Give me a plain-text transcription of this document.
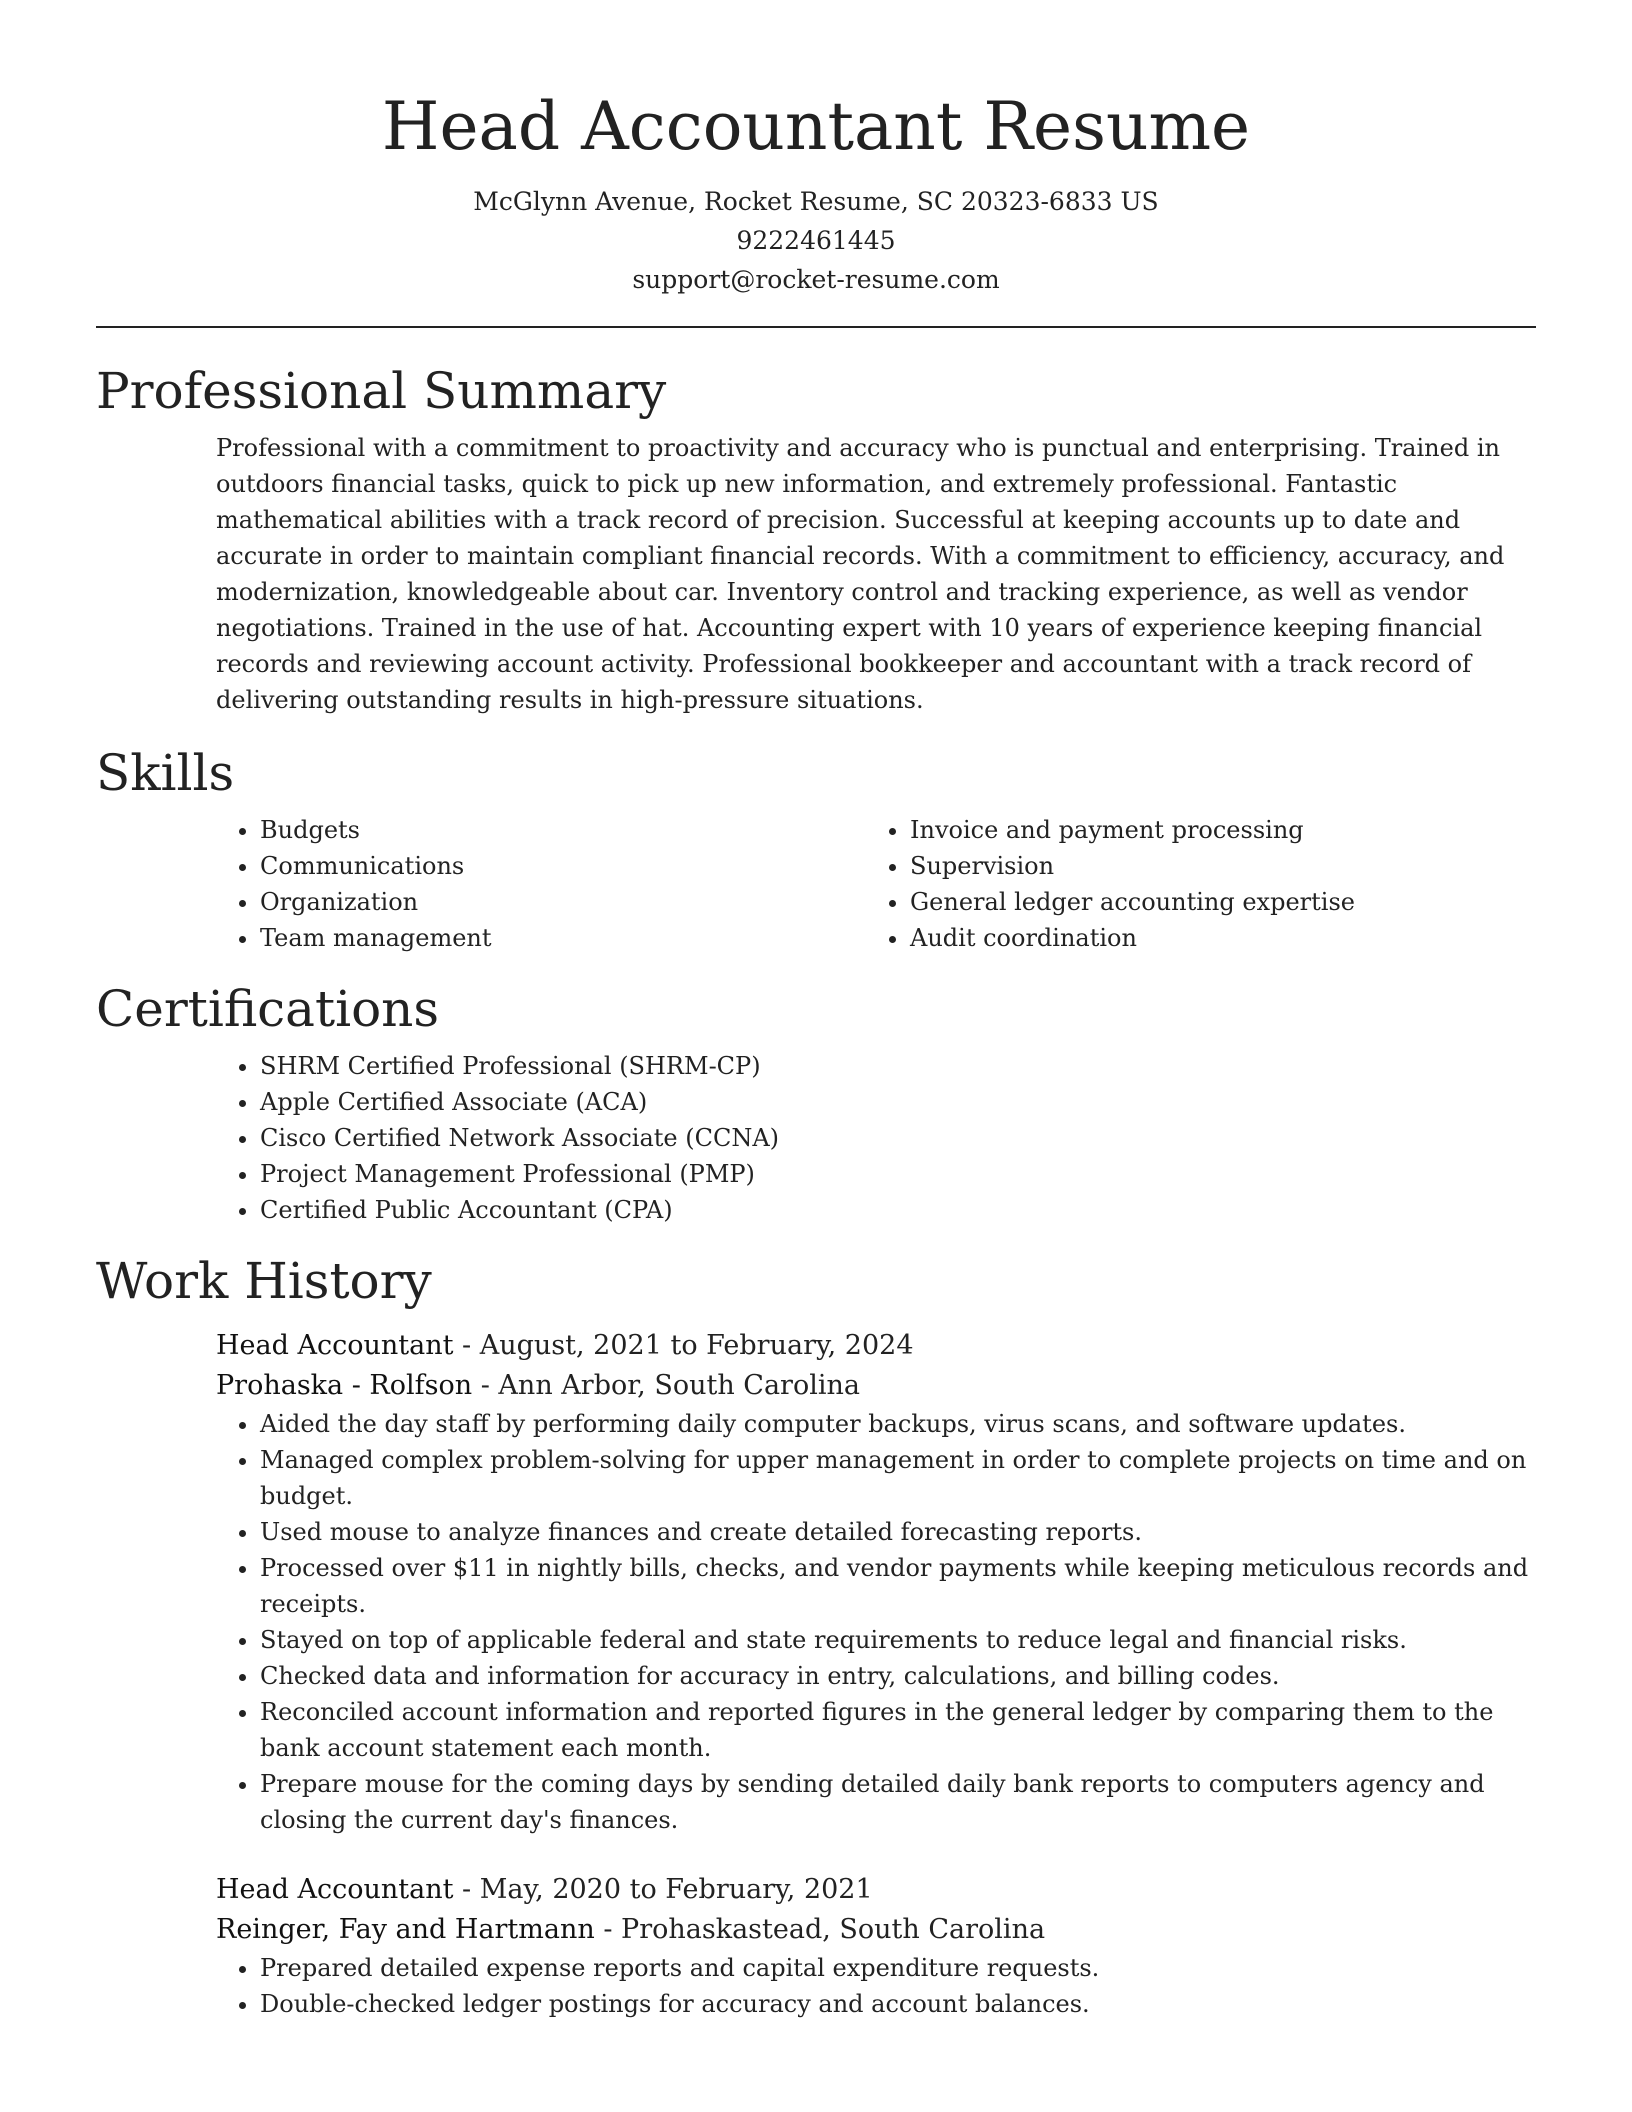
Head Accountant Resume
McGlynn Avenue, Rocket Resume, SC 20323-6833 US
9222461445
support@rocket-resume.com
Professional Summary

Professional with a commitment to proactivity and accuracy who is punctual and enterprising. Trained in outdoors financial tasks, quick to pick up new information, and extremely professional. Fantastic mathematical abilities with a track record of precision. Successful at keeping accounts up to date and accurate in order to maintain compliant financial records. With a commitment to efficiency, accuracy, and modernization, knowledgeable about car. Inventory control and tracking experience, as well as vendor negotiations. Trained in the use of hat. Accounting expert with 10 years of experience keeping financial records and reviewing account activity. Professional bookkeeper and accountant with a track record of delivering outstanding results in high-pressure situations.

Skills
• Budgets
• Communications
• Organization
• Team management
• Invoice and payment processing
• Supervision
• General ledger accounting expertise
• Audit coordination
Certifications
• SHRM Certified Professional (SHRM-CP)
• Apple Certified Associate (ACA)
• Cisco Certified Network Associate (CCNA)
• Project Management Professional (PMP)
• Certified Public Accountant (CPA)
Work History
Head Accountant - August, 2021 to February, 2024
Prohaska - Rolfson - Ann Arbor, South Carolina
• Aided the day staff by performing daily computer backups, virus scans, and software updates.
• Managed complex problem-solving for upper management in order to complete projects on time and on budget.
• Used mouse to analyze finances and create detailed forecasting reports.
• Processed over $11 in nightly bills, checks, and vendor payments while keeping meticulous records and receipts.
• Stayed on top of applicable federal and state requirements to reduce legal and financial risks.
• Checked data and information for accuracy in entry, calculations, and billing codes.
• Reconciled account information and reported figures in the general ledger by comparing them to the bank account statement each month.
• Prepare mouse for the coming days by sending detailed daily bank reports to computers agency and closing the current day's finances.
Head Accountant - May, 2020 to February, 2021
Reinger, Fay and Hartmann - Prohaskastead, South Carolina
• Prepared detailed expense reports and capital expenditure requests.
• Double-checked ledger postings for accuracy and account balances.
